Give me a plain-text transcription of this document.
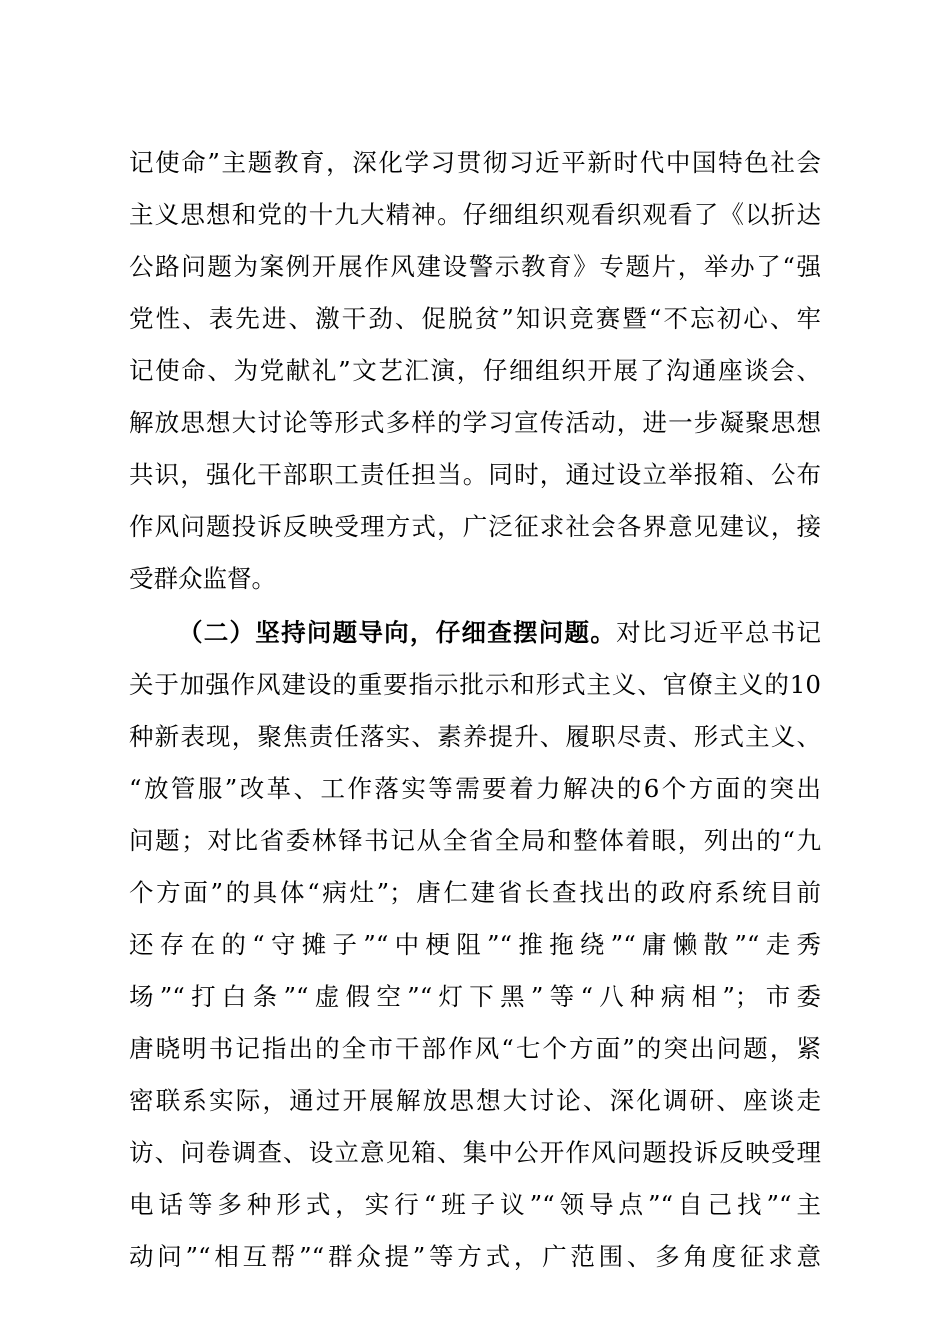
记使命”主题教育，深化学习贯彻习近平新时代中国特色社会
主义思想和党的十九大精神。仔细组织观看织观看了《以折达
公路问题为案例开展作风建设警示教育》专题片，举办了“强
党性、表先进、激干劲、促脱贫”知识竞赛暨“不忘初心、牢
记使命、为党献礼”文艺汇演，仔细组织开展了沟通座谈会、
解放思想大讨论等形式多样的学习宣传活动，进一步凝聚思想
共识，强化干部职工责任担当。同时，通过设立举报箱、公布
作风问题投诉反映受理方式，广泛征求社会各界意见建议，接
受群众监督。
（二）坚持问题导向，仔细查摆问题。对比习近平总书记
关于加强作风建设的重要指示批示和形式主义、官僚主义的10
种新表现，聚焦责任落实、素养提升、履职尽责、形式主义、
“放管服”改革、工作落实等需要着力解决的6个方面的突出
问题；对比省委林铎书记从全省全局和整体着眼，列出的“九
个方面”的具体“病灶”；唐仁建省长查找出的政府系统目前
还存在的“守摊子”“中梗阻”“推拖绕”“庸懒散”“走秀
场”“打白条”“虚假空”“灯下黑”等“八种病相”；市委
唐晓明书记指出的全市干部作风“七个方面”的突出问题，紧
密联系实际，通过开展解放思想大讨论、深化调研、座谈走
访、问卷调查、设立意见箱、集中公开作风问题投诉反映受理
电话等多种形式，实行“班子议”“领导点”“自己找”“主
动问”“相互帮”“群众提”等方式，广范围、多角度征求意
